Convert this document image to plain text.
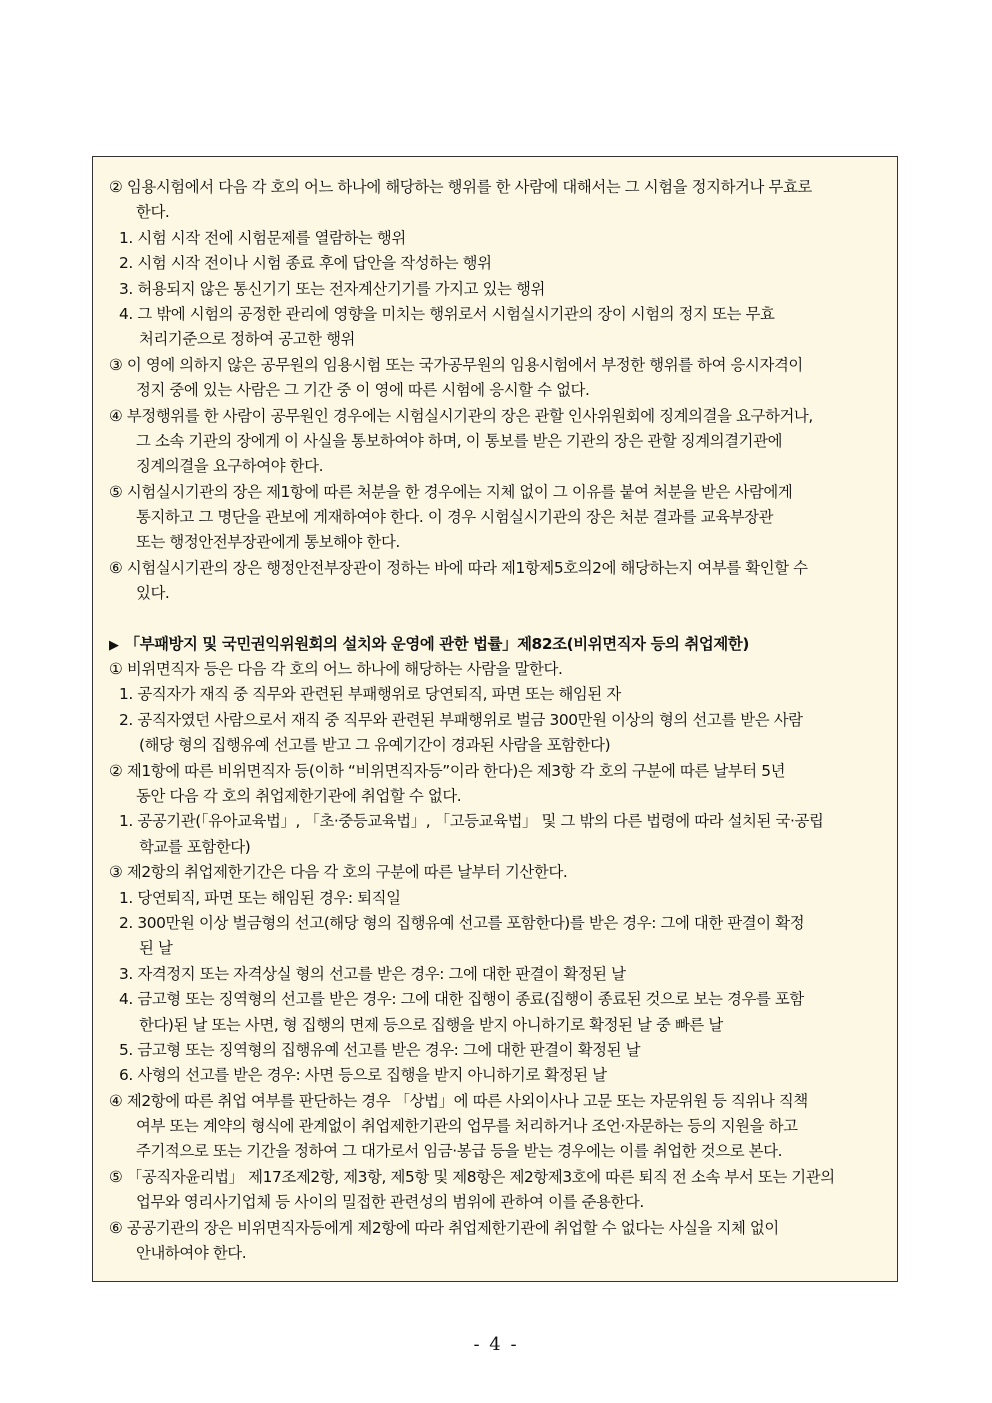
② 임용시험에서 다음 각 호의 어느 하나에 해당하는 행위를 한 사람에 대해서는 그 시험을 정지하거나 무효로
한다.
1. 시험 시작 전에 시험문제를 열람하는 행위
2. 시험 시작 전이나 시험 종료 후에 답안을 작성하는 행위
3. 허용되지 않은 통신기기 또는 전자계산기기를 가지고 있는 행위
4. 그 밖에 시험의 공정한 관리에 영향을 미치는 행위로서 시험실시기관의 장이 시험의 정지 또는 무효
처리기준으로 정하여 공고한 행위
③ 이 영에 의하지 않은 공무원의 임용시험 또는 국가공무원의 임용시험에서 부정한 행위를 하여 응시자격이
정지 중에 있는 사람은 그 기간 중 이 영에 따른 시험에 응시할 수 없다.
④ 부정행위를 한 사람이 공무원인 경우에는 시험실시기관의 장은 관할 인사위원회에 징계의결을 요구하거나,
그 소속 기관의 장에게 이 사실을 통보하여야 하며, 이 통보를 받은 기관의 장은 관할 징계의결기관에
징계의결을 요구하여야 한다.
⑤ 시험실시기관의 장은 제1항에 따른 처분을 한 경우에는 지체 없이 그 이유를 붙여 처분을 받은 사람에게
통지하고 그 명단을 관보에 게재하여야 한다. 이 경우 시험실시기관의 장은 처분 결과를 교육부장관
또는 행정안전부장관에게 통보해야 한다.
⑥ 시험실시기관의 장은 행정안전부장관이 정하는 바에 따라 제1항제5호의2에 해당하는지 여부를 확인할 수
있다.
▶ 「부패방지 및 국민권익위원회의 설치와 운영에 관한 법률」제82조(비위면직자 등의 취업제한)
① 비위면직자 등은 다음 각 호의 어느 하나에 해당하는 사람을 말한다.
1. 공직자가 재직 중 직무와 관련된 부패행위로 당연퇴직, 파면 또는 해임된 자
2. 공직자였던 사람으로서 재직 중 직무와 관련된 부패행위로 벌금 300만원 이상의 형의 선고를 받은 사람
(해당 형의 집행유예 선고를 받고 그 유예기간이 경과된 사람을 포함한다)
② 제1항에 따른 비위면직자 등(이하 “비위면직자등”이라 한다)은 제3항 각 호의 구분에 따른 날부터 5년
동안 다음 각 호의 취업제한기관에 취업할 수 없다.
1. 공공기관(「유아교육법」, 「초·중등교육법」, 「고등교육법」 및 그 밖의 다른 법령에 따라 설치된 국·공립
학교를 포함한다)
③ 제2항의 취업제한기간은 다음 각 호의 구분에 따른 날부터 기산한다.
1. 당연퇴직, 파면 또는 해임된 경우: 퇴직일
2. 300만원 이상 벌금형의 선고(해당 형의 집행유예 선고를 포함한다)를 받은 경우: 그에 대한 판결이 확정
된 날
3. 자격정지 또는 자격상실 형의 선고를 받은 경우: 그에 대한 판결이 확정된 날
4. 금고형 또는 징역형의 선고를 받은 경우: 그에 대한 집행이 종료(집행이 종료된 것으로 보는 경우를 포함
한다)된 날 또는 사면, 형 집행의 면제 등으로 집행을 받지 아니하기로 확정된 날 중 빠른 날
5. 금고형 또는 징역형의 집행유예 선고를 받은 경우: 그에 대한 판결이 확정된 날
6. 사형의 선고를 받은 경우: 사면 등으로 집행을 받지 아니하기로 확정된 날
④ 제2항에 따른 취업 여부를 판단하는 경우 「상법」에 따른 사외이사나 고문 또는 자문위원 등 직위나 직책
여부 또는 계약의 형식에 관계없이 취업제한기관의 업무를 처리하거나 조언·자문하는 등의 지원을 하고
주기적으로 또는 기간을 정하여 그 대가로서 임금·봉급 등을 받는 경우에는 이를 취업한 것으로 본다.
⑤ 「공직자윤리법」 제17조제2항, 제3항, 제5항 및 제8항은 제2항제3호에 따른 퇴직 전 소속 부서 또는 기관의
업무와 영리사기업체 등 사이의 밀접한 관련성의 범위에 관하여 이를 준용한다.
⑥ 공공기관의 장은 비위면직자등에게 제2항에 따라 취업제한기관에 취업할 수 없다는 사실을 지체 없이
안내하여야 한다.
- 4 -
